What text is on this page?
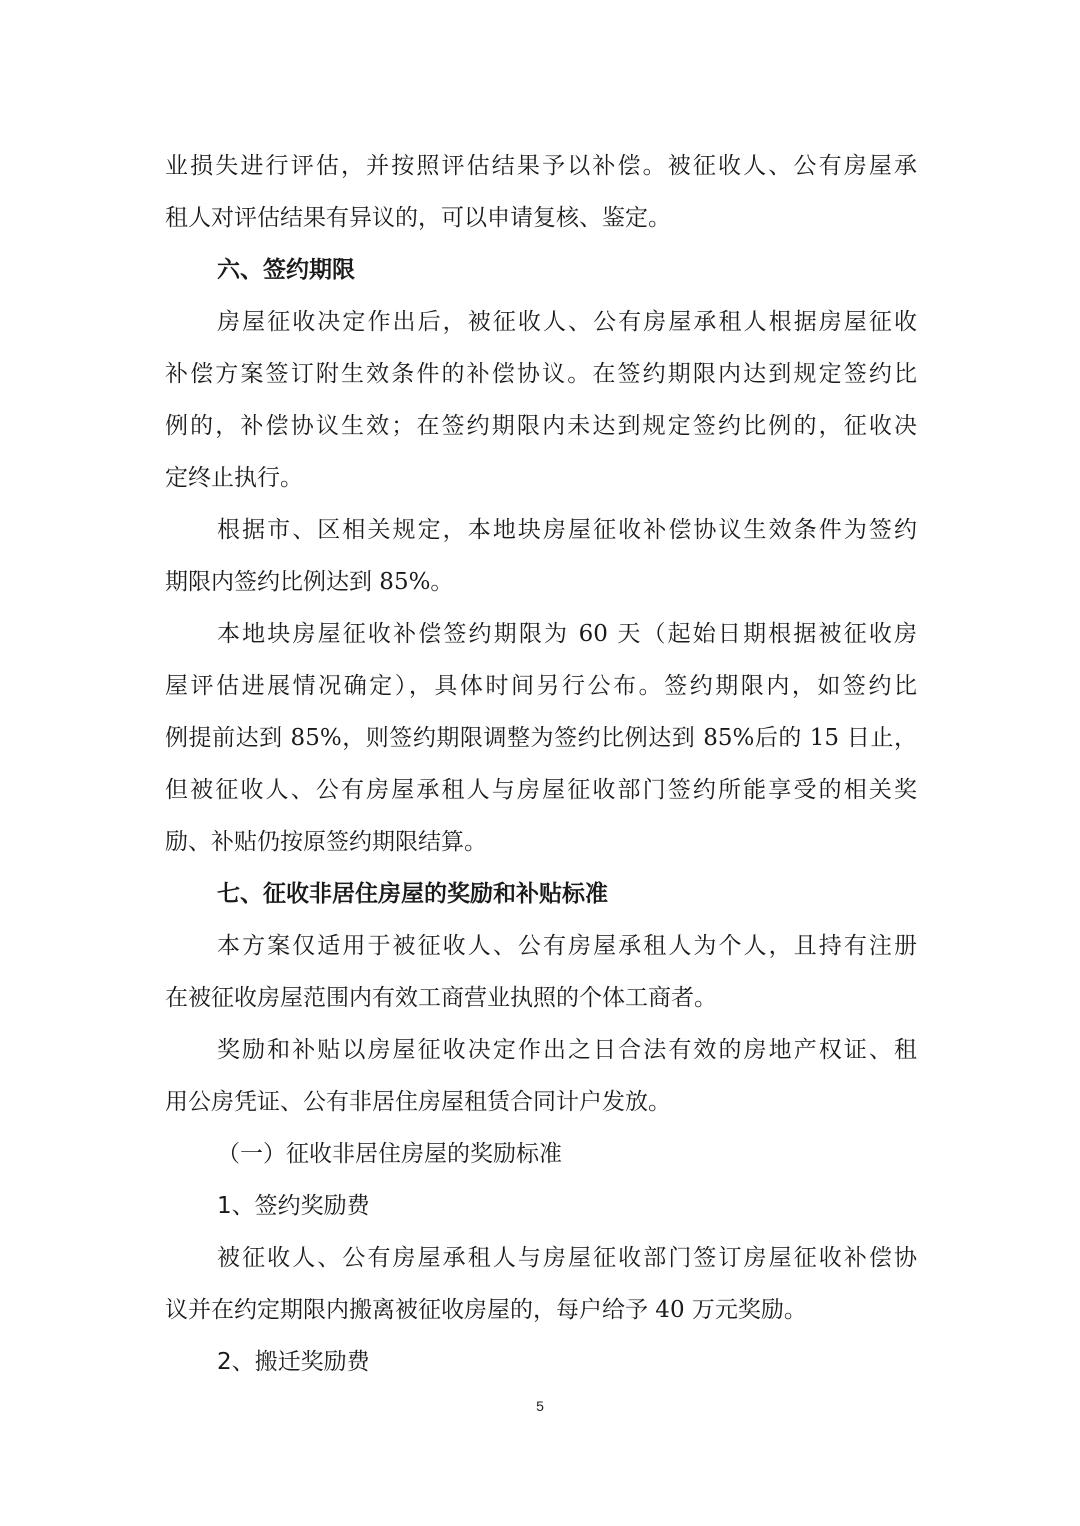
业损失进行评估，并按照评估结果予以补偿。被征收人、公有房屋承
租人对评估结果有异议的，可以申请复核、鉴定。
六、签约期限
房屋征收决定作出后，被征收人、公有房屋承租人根据房屋征收
补偿方案签订附生效条件的补偿协议。在签约期限内达到规定签约比
例的，补偿协议生效；在签约期限内未达到规定签约比例的，征收决
定终止执行。
根据市、区相关规定，本地块房屋征收补偿协议生效条件为签约
期限内签约比例达到 85%。
本地块房屋征收补偿签约期限为 60 天（起始日期根据被征收房
屋评估进展情况确定），具体时间另行公布。签约期限内，如签约比
例提前达到 85%，则签约期限调整为签约比例达到 85%后的 15 日止，
但被征收人、公有房屋承租人与房屋征收部门签约所能享受的相关奖
励、补贴仍按原签约期限结算。
七、征收非居住房屋的奖励和补贴标准
本方案仅适用于被征收人、公有房屋承租人为个人，且持有注册
在被征收房屋范围内有效工商营业执照的个体工商者。
奖励和补贴以房屋征收决定作出之日合法有效的房地产权证、租
用公房凭证、公有非居住房屋租赁合同计户发放。
（一）征收非居住房屋的奖励标准
1、签约奖励费
被征收人、公有房屋承租人与房屋征收部门签订房屋征收补偿协
议并在约定期限内搬离被征收房屋的，每户给予 40 万元奖励。
2、搬迁奖励费
5
